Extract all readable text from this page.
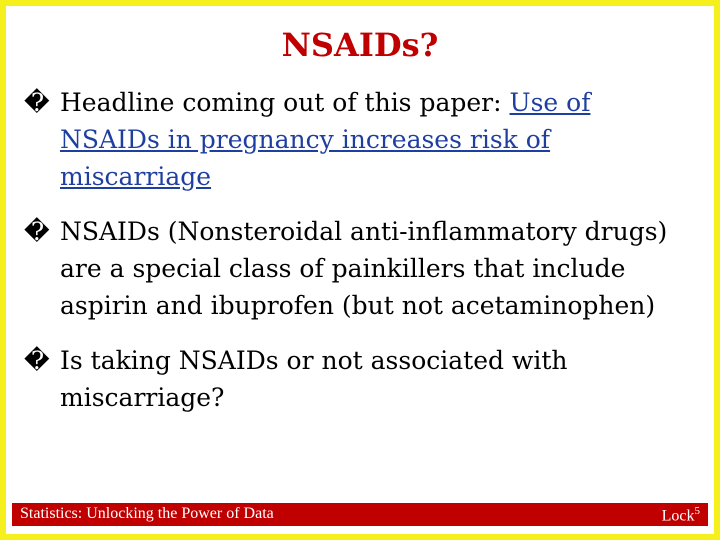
NSAIDs?
� Headline coming out of this paper: Use of NSAIDs in pregnancy increases risk of miscarriage
� NSAIDs (Nonsteroidal anti-inflammatory drugs) are a special class of painkillers that include aspirin and ibuprofen (but not acetaminophen)
� Is taking NSAIDs or not associated with miscarriage?
Statistics: Unlocking the Power of Data	Lock$^5$
